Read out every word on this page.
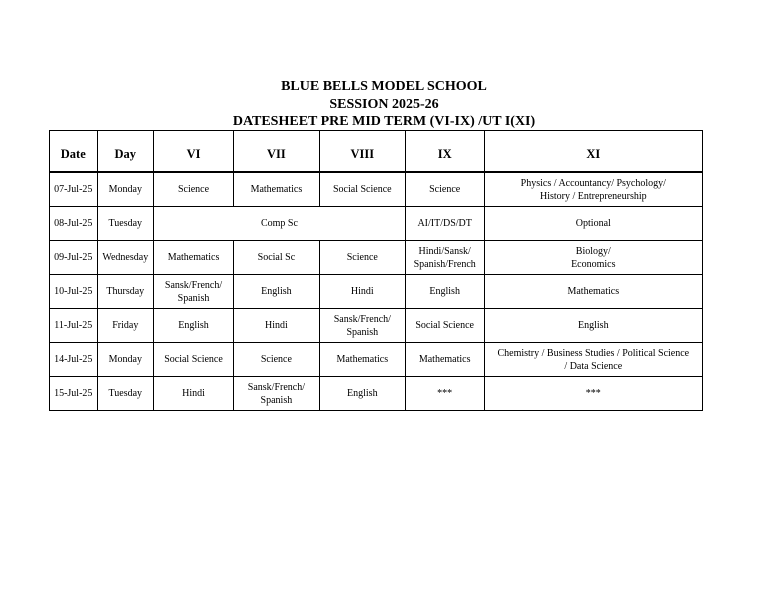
BLUE BELLS MODEL SCHOOL
SESSION 2025-26
DATESHEET PRE MID TERM (VI-IX) /UT I(XI)
Date	Day	VI	VII	VIII	IX	XI
07-Jul-25	Monday	Science	Mathematics	Social Science	Science	Physics / Accountancy/ Psychology/
History / Entrepreneurship
08-Jul-25	Tuesday	Comp Sc			AI/IT/DS/DT	Optional
09-Jul-25	Wednesday	Mathematics	Social Sc	Science	Hindi/Sansk/
Spanish/French	Biology/
Economics
10-Jul-25	Thursday	Sansk/French/
Spanish	English	Hindi	English	Mathematics
11-Jul-25	Friday	English	Hindi	Sansk/French/
Spanish	Social Science	English
14-Jul-25	Monday	Social Science	Science	Mathematics	Mathematics	Chemistry / Business Studies / Political Science
/ Data Science
15-Jul-25	Tuesday	Hindi	Sansk/French/
Spanish	English	***	***
